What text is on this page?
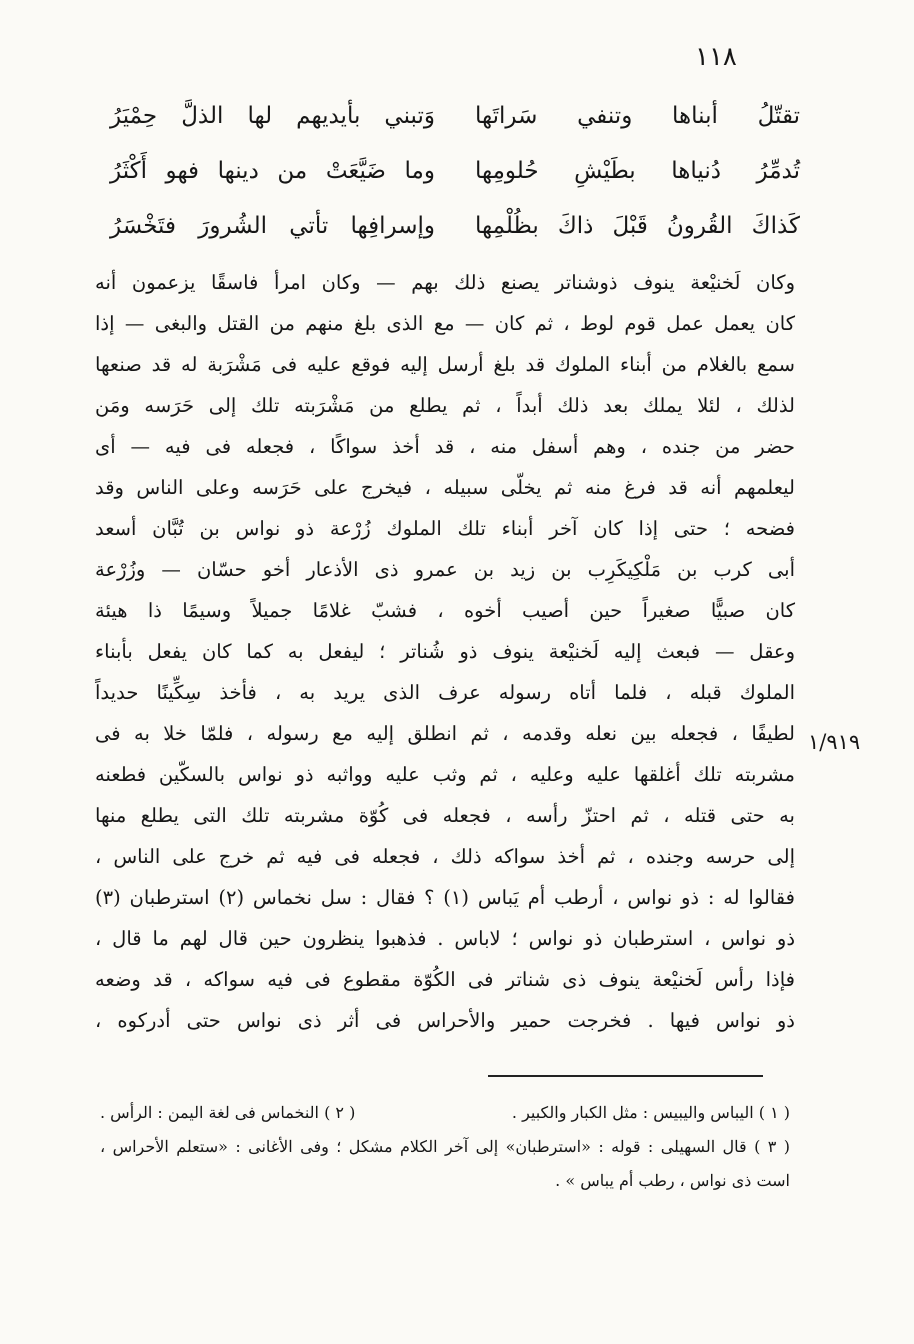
١١٨
تقتّلُ أبناها وتنفي سَراتَها
وَتبني بأيديهم لها الذلَّ حِمْيَرُ
تُدمِّرُ دُنياها بطَيْشِ حُلومِها
وما ضَيَّعَتْ من دينها فهو أَكْثَرُ
كَذاكَ القُرونُ قَبْلَ ذاكَ بظُلْمِها
وإسرافِها تأتي الشُرورَ فتَخْسَرُ
وكان لَخنيْعة ينوف ذوشناتر يصنع ذلك بهم — وكان امرأ فاسقًا يزعمون أنه
كان يعمل عمل قوم لوط ، ثم كان — مع الذى بلغ منهم من القتل والبغى — إذا
سمع بالغلام من أبناء الملوك قد بلغ أرسل إليه فوقع عليه فى مَشْرَبة له قد صنعها
لذلك ، لئلا يملك بعد ذلك أبداً ، ثم يطلع من مَشْرَبته تلك إلى حَرَسه ومَن
حضر من جنده ، وهم أسفل منه ، قد أخذ سواكًا ، فجعله فى فيه — أى
ليعلمهم أنه قد فرغ منه ثم يخلّى سبيله ، فيخرج على حَرَسه وعلى الناس وقد
فضحه ؛ حتى إذا كان آخر أبناء تلك الملوك زُرْعة ذو نواس بن تُبَّان أسعد
أبى كرب بن مَلْكِيكَرِب بن زيد بن عمرو ذى الأذعار أخو حسّان — وزُرْعة
كان صبيًّا صغيراً حين أصيب أخوه ، فشبّ غلامًا جميلاً وسيمًا ذا هيئة
وعقل — فبعث إليه لَخنيْعة ينوف ذو شُناتر ؛ ليفعل به كما كان يفعل بأبناء
الملوك قبله ، فلما أتاه رسوله عرف الذى يريد به ، فأخذ سِكِّينًا حديداً
لطيفًا ، فجعله بين نعله وقدمه ، ثم انطلق إليه مع رسوله ، فلمّا خلا به فى
مشربته تلك أغلقها عليه وعليه ، ثم وثب عليه وواثبه ذو نواس بالسكّين فطعنه
به حتى قتله ، ثم احتزّ رأسه ، فجعله فى كُوّة مشربته تلك التى يطلع منها
إلى حرسه وجنده ، ثم أخذ سواكه ذلك ، فجعله فى فيه ثم خرج على الناس ،
فقالوا له : ذو نواس ، أرطب أم يَباس (١) ؟ فقال : سل نخماس (٢) استرطبان (٣)
ذو نواس ، استرطبان ذو نواس ؛ لاباس . فذهبوا ينظرون حين قال لهم ما قال ،
فإذا رأس لَخنيْعة ينوف ذى شناتر فى الكُوّة مقطوع فى فيه سواكه ، قد وضعه
ذو نواس فيها . فخرجت حمير والأحراس فى أثر ذى نواس حتى أدركوه ،
١/٩١٩
( ١ ) اليباس واليبيس : مثل الكبار والكبير .
( ٢ ) النخماس فى لغة اليمن : الرأس .
( ٣ ) قال السهيلى : قوله : «استرطبان» إلى آخر الكلام مشكل ؛ وفى الأغانى : «ستعلم الأحراس ،
است ذى نواس ، رطب أم يباس » .
